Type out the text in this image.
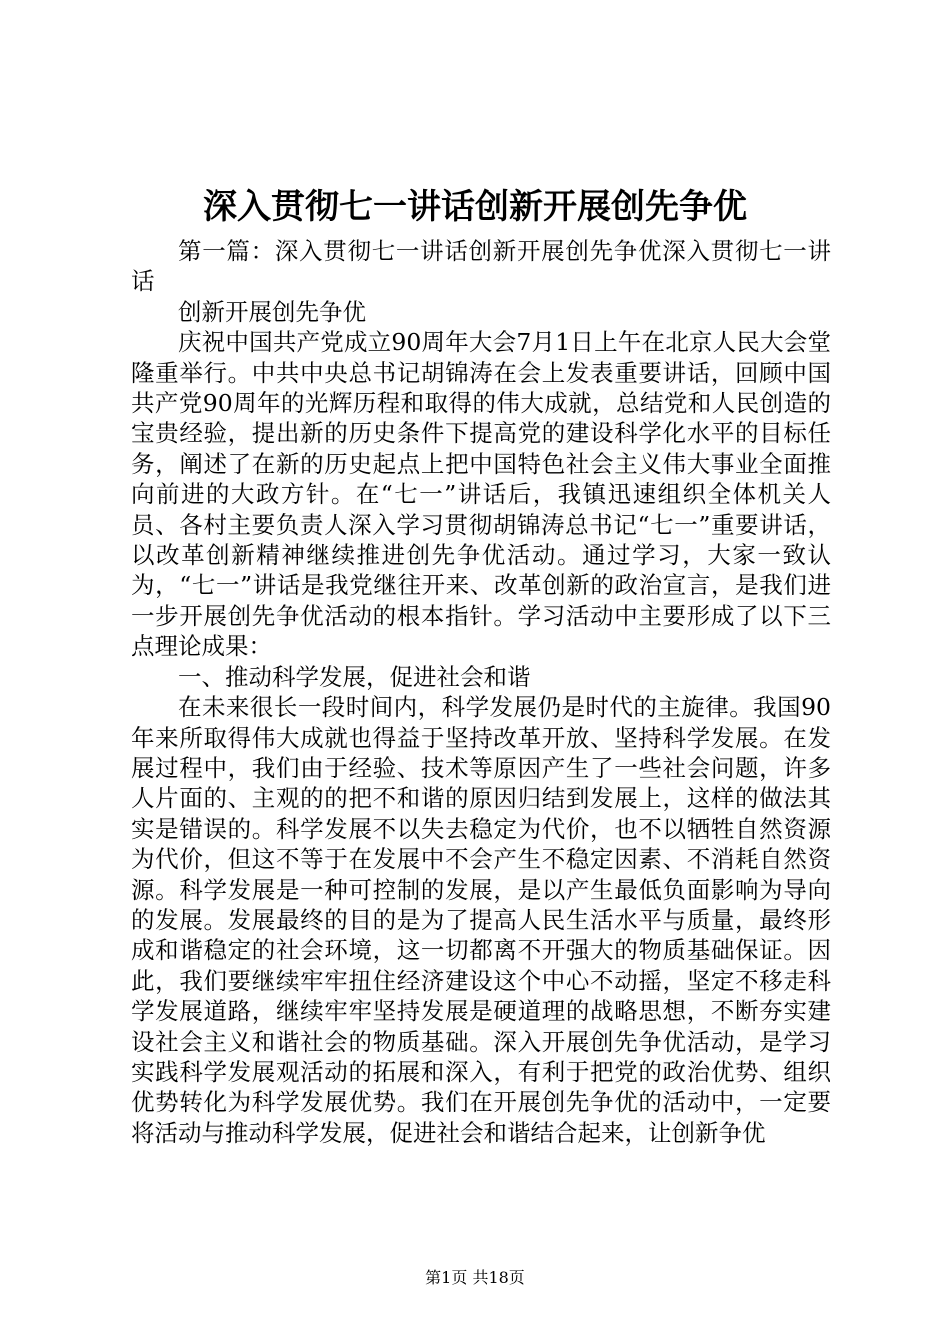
深入贯彻七一讲话创新开展创先争优

第一篇：深入贯彻七一讲话创新开展创先争优深入贯彻七一讲话

创新开展创先争优

庆祝中国共产党成立90周年大会7月1日上午在北京人民大会堂隆重举行。中共中央总书记胡锦涛在会上发表重要讲话，回顾中国共产党90周年的光辉历程和取得的伟大成就，总结党和人民创造的宝贵经验，提出新的历史条件下提高党的建设科学化水平的目标任务，阐述了在新的历史起点上把中国特色社会主义伟大事业全面推向前进的大政方针。在“七一”讲话后，我镇迅速组织全体机关人员、各村主要负责人深入学习贯彻胡锦涛总书记“七一”重要讲话，以改革创新精神继续推进创先争优活动。通过学习，大家一致认为，“七一”讲话是我党继往开来、改革创新的政治宣言，是我们进一步开展创先争优活动的根本指针。学习活动中主要形成了以下三点理论成果：

一、推动科学发展，促进社会和谐

在未来很长一段时间内，科学发展仍是时代的主旋律。我国90年来所取得伟大成就也得益于坚持改革开放、坚持科学发展。在发展过程中，我们由于经验、技术等原因产生了一些社会问题，许多人片面的、主观的的把不和谐的原因归结到发展上，这样的做法其实是错误的。科学发展不以失去稳定为代价，也不以牺牲自然资源为代价，但这不等于在发展中不会产生不稳定因素、不消耗自然资源。科学发展是一种可控制的发展，是以产生最低负面影响为导向的发展。发展最终的目的是为了提高人民生活水平与质量，最终形成和谐稳定的社会环境，这一切都离不开强大的物质基础保证。因此，我们要继续牢牢扭住经济建设这个中心不动摇，坚定不移走科学发展道路，继续牢牢坚持发展是硬道理的战略思想，不断夯实建设社会主义和谐社会的物质基础。深入开展创先争优活动，是学习实践科学发展观活动的拓展和深入，有利于把党的政治优势、组织优势转化为科学发展优势。我们在开展创先争优的活动中，一定要将活动与推动科学发展，促进社会和谐结合起来，让创新争优

第1页 共18页
